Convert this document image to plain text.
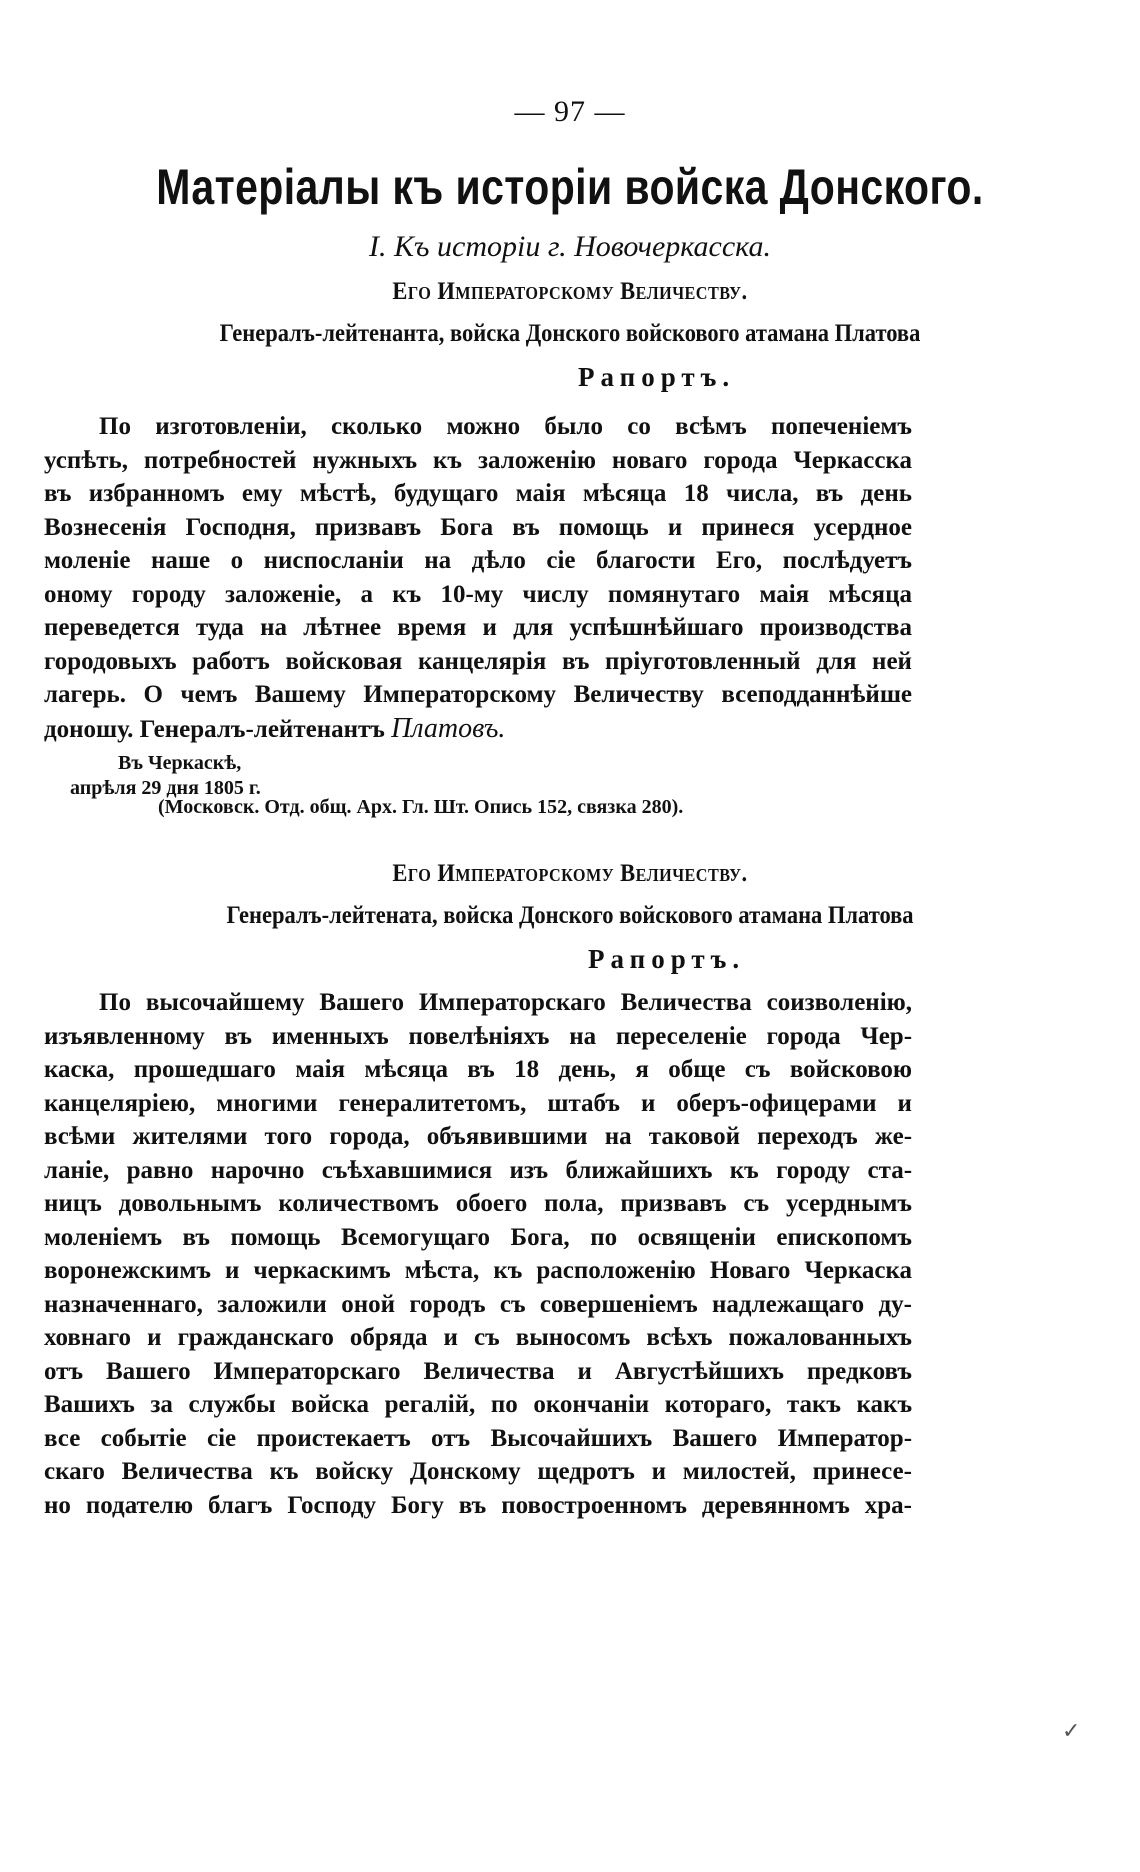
— 97 —
Матеріалы къ исторіи войска Донского.
I. Къ исторіи г. Новочеркасска.
Его Императорскому Величеству.
Генералъ-лейтенанта, войска Донского войскового атамана Платова
Рапортъ.
По изготовленіи, сколько можно было со всѣмъ попеченіемъ
успѣть, потребностей нужныхъ къ заложенію новаго города Черкасска
въ избранномъ ему мѣстѣ, будущаго маія мѣсяца 18 числа, въ день
Вознесенія Господня, призвавъ Бога въ помощь и принеся усердное
моленіе наше о ниспосланіи на дѣло сіе благости Его, послѣдуетъ
оному городу заложеніе, а къ 10-му числу помянутаго маія мѣсяца
переведется туда на лѣтнее время и для успѣшнѣйшаго производства
городовыхъ работъ войсковая канцелярія въ пріуготовленный для ней
лагерь. О чемъ Вашему Императорскому Величеству всеподданнѣйше
доношу. Генералъ-лейтенантъ Платовъ.
Въ Черкаскѣ,
апрѣля 29 дня 1805 г.
(Московск. Отд. общ. Арх. Гл. Шт. Опись 152, связка 280).
Его Императорскому Величеству.
Генералъ-лейтената, войска Донского войскового атамана Платова
Рапортъ.
По высочайшему Вашего Императорскаго Величества соизволенію,
изъявленному въ именныхъ повелѣніяхъ на переселеніе города Чер-
каска, прошедшаго маія мѣсяца въ 18 день, я обще съ войсковою
канцеляріею, многими генералитетомъ, штабъ и оберъ-офицерами и
всѣми жителями того города, объявившими на таковой переходъ же-
ланіе, равно нарочно съѣхавшимися изъ ближайшихъ къ городу ста-
ницъ довольнымъ количествомъ обоего пола, призвавъ съ усерднымъ
моленіемъ въ помощь Всемогущаго Бога, по освященіи епископомъ
воронежскимъ и черкаскимъ мѣста, къ расположенію Новаго Черкаска
назначеннаго, заложили оной городъ съ совершеніемъ надлежащаго ду-
ховнаго и гражданскаго обряда и съ выносомъ всѣхъ пожалованныхъ
отъ Вашего Императорскаго Величества и Августѣйшихъ предковъ
Вашихъ за службы войска регалій, по окончаніи котораго, такъ какъ
все событіе сіе проистекаетъ отъ Высочайшихъ Вашего Император-
скаго Величества къ войску Донскому щедротъ и милостей, принесе-
но подателю благъ Господу Богу въ повостроенномъ деревянномъ хра-
✓
